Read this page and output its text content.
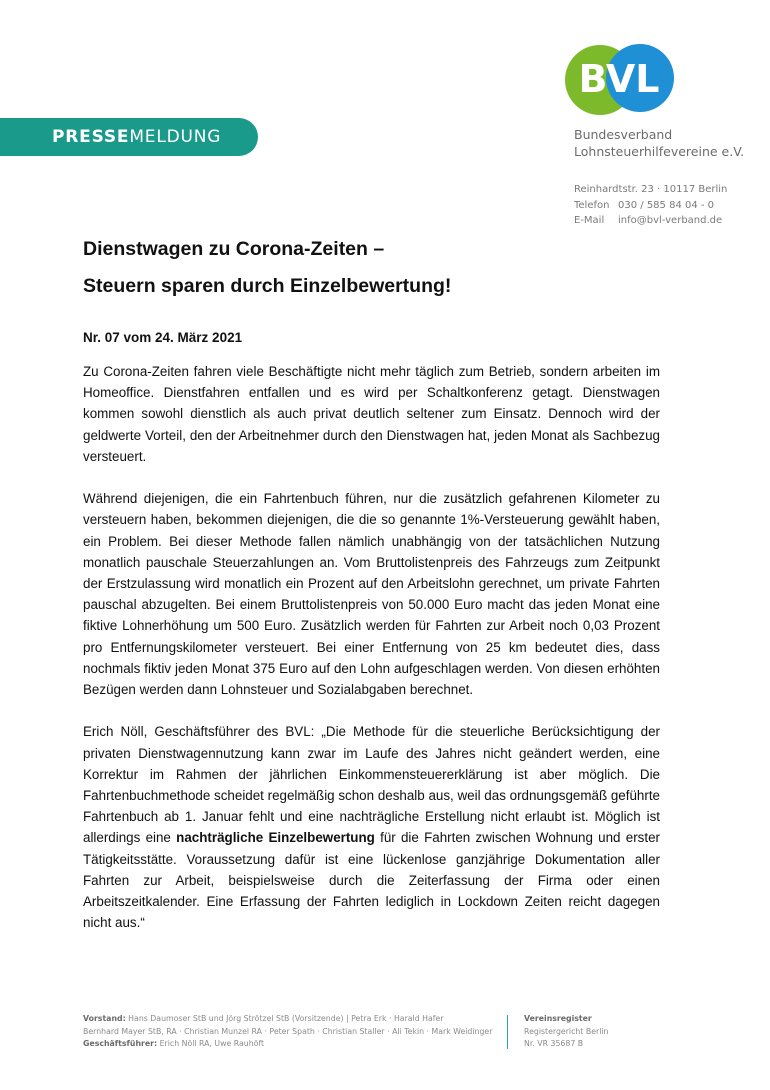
PRESSEMELDUNG
BVL
Bundesverband
Lohnsteuerhilfevereine e.V.
Reinhardtstr. 23 · 10117 Berlin
Telefon 030 / 585 84 04 - 0
E-Mail info@bvl-verband.de
Dienstwagen zu Corona-Zeiten –
Steuern sparen durch Einzelbewertung!
Nr. 07 vom 24. März 2021

Zu Corona-Zeiten fahren viele Beschäftigte nicht mehr täglich zum Betrieb, sondern arbeiten im Homeoffice. Dienstfahren entfallen und es wird per Schaltkonferenz getagt. Dienstwagen kommen sowohl dienstlich als auch privat deutlich seltener zum Einsatz. Dennoch wird der geldwerte Vorteil, den der Arbeitnehmer durch den Dienstwagen hat, jeden Monat als Sachbezug versteuert.

Während diejenigen, die ein Fahrtenbuch führen, nur die zusätzlich gefahrenen Kilometer zu versteuern haben, bekommen diejenigen, die die so genannte 1%-Versteuerung gewählt haben, ein Problem. Bei dieser Methode fallen nämlich unabhängig von der tatsächlichen Nutzung monatlich pauschale Steuerzahlungen an. Vom Bruttolistenpreis des Fahrzeugs zum Zeitpunkt der Erstzulassung wird monatlich ein Prozent auf den Arbeitslohn gerechnet, um private Fahrten pauschal abzugelten. Bei einem Bruttolistenpreis von 50.000 Euro macht das jeden Monat eine fiktive Lohnerhöhung um 500 Euro. Zusätzlich werden für Fahrten zur Arbeit noch 0,03 Prozent pro Entfernungskilometer versteuert. Bei einer Entfernung von 25 km bedeutet dies, dass nochmals fiktiv jeden Monat 375 Euro auf den Lohn aufgeschlagen werden. Von diesen erhöhten Bezügen werden dann Lohnsteuer und Sozialabgaben berechnet.

Erich Nöll, Geschäftsführer des BVL: „Die Methode für die steuerliche Berücksichtigung der privaten Dienstwagennutzung kann zwar im Laufe des Jahres nicht geändert werden, eine Korrektur im Rahmen der jährlichen Einkommensteuererklärung ist aber möglich. Die Fahrtenbuchmethode scheidet regelmäßig schon deshalb aus, weil das ordnungsgemäß geführte Fahrtenbuch ab 1. Januar fehlt und eine nachträgliche Erstellung nicht erlaubt ist. Möglich ist allerdings eine nachträgliche Einzelbewertung für die Fahrten zwischen Wohnung und erster Tätigkeitsstätte. Voraussetzung dafür ist eine lückenlose ganzjährige Dokumentation aller Fahrten zur Arbeit, beispielsweise durch die Zeiterfassung der Firma oder einen Arbeitszeitkalender. Eine Erfassung der Fahrten lediglich in Lockdown Zeiten reicht dagegen nicht aus.“

Vorstand: Hans Daumoser StB und Jörg Strötzel StB (Vorsitzende) | Petra Erk · Harald Hafer
Bernhard Mayer StB, RA · Christian Munzel RA · Peter Spath · Christian Staller · Ali Tekin · Mark Weidinger
Geschäftsführer: Erich Nöll RA, Uwe Rauhöft
Vereinsregister
Registergericht Berlin
Nr. VR 35687 B
